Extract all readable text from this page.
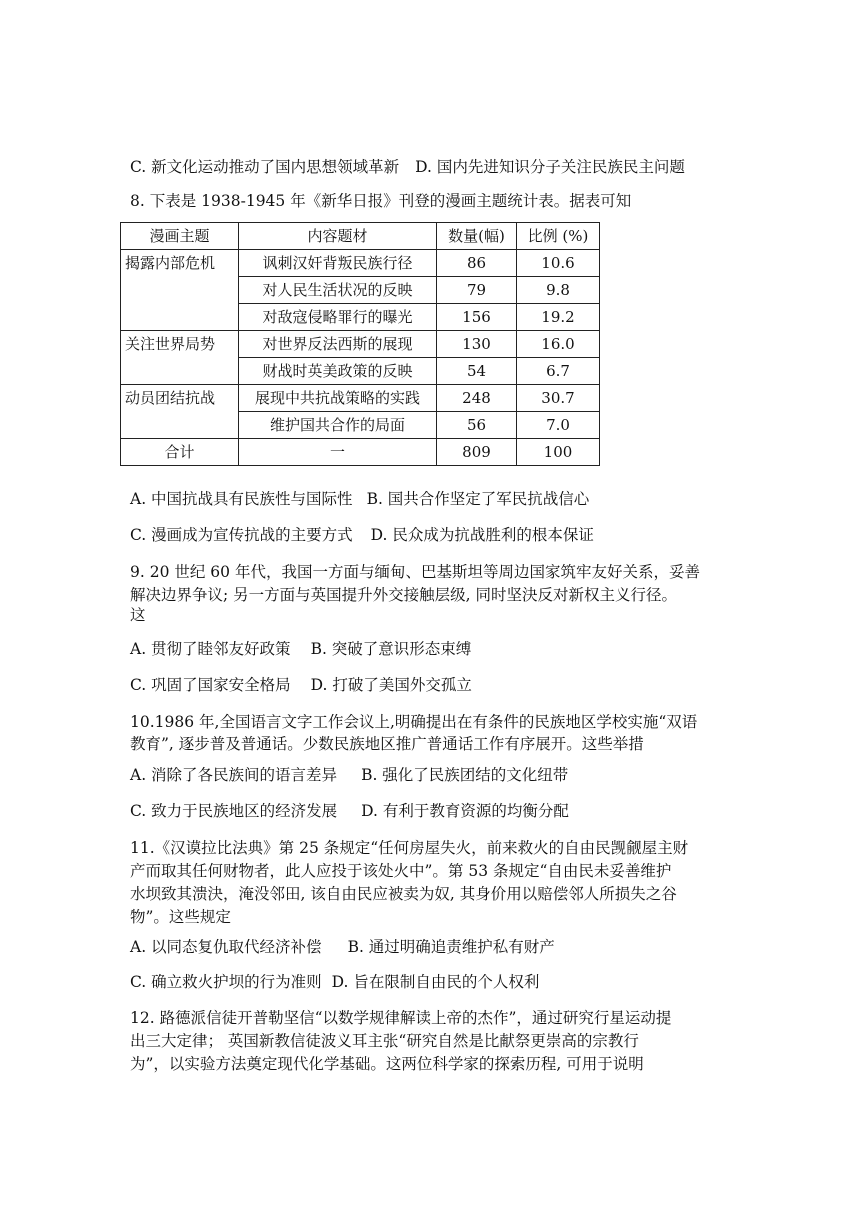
C. 新文化运动推动了国内思想领域革新 D. 国内先进知识分子关注民族民主问题
8. 下表是 1938-1945 年《新华日报》刊登的漫画主题统计表。据表可知
漫画主题	内容题材	数量(幅)	比例 (%)
揭露内部危机	讽刺汉奸背叛民族行径	86	10.6
	对人民生活状况的反映	79	9.8
	对敌寇侵略罪行的曝光	156	19.2
关注世界局势	对世界反法西斯的展现	130	16.0
	财战时英美政策的反映	54	6.7
动员团结抗战	展现中共抗战策略的实践	248	30.7
	维护国共合作的局面	56	7.0
合计	一	809	100
A. 中国抗战具有民族性与国际性 B. 国共合作坚定了军民抗战信心
C. 漫画成为宣传抗战的主要方式 D. 民众成为抗战胜利的根本保证
9. 20 世纪 60 年代，我国一方面与缅甸、巴基斯坦等周边国家筑牢友好关系，妥善
解决边界争议; 另一方面与英国提升外交接触层级, 同时坚決反对新权主义行径。
这
A. 贯彻了睦邻友好政策 B. 突破了意识形态束缚
C. 巩固了国家安全格局 D. 打破了美国外交孤立
10.1986 年,全国语言文字工作会议上,明确提出在有条件的民族地区学校实施“双语
教育”, 逐步普及普通话。少数民族地区推广普通话工作有序展开。这些举措
A. 消除了各民族间的语言差异 B. 强化了民族团结的文化纽带
C. 致力于民族地区的经济发展 D. 有利于教育资源的均衡分配
11.《汉谟拉比法典》第 25 条规定“任何房屋失火，前来救火的自由民觊觎屋主财
产而取其任何财物者，此人应投于该处火中”。第 53 条规定“自由民未妥善维护
水坝致其溃決，淹没邻田, 该自由民应被卖为奴, 其身价用以赔偿邻人所损失之谷
物”。这些规定
A. 以同态复仇取代经济补偿 B. 通过明确追责维护私有财产
C. 确立救火护坝的行为准则 D. 旨在限制自由民的个人权利
12. 路德派信徒开普勒坚信“以数学规律解读上帝的杰作”，通过研究行星运动提
出三大定律； 英国新教信徒波义耳主张“研究自然是比献祭更崇高的宗教行
为”，以实验方法奠定现代化学基础。这两位科学家的探索历程, 可用于说明
